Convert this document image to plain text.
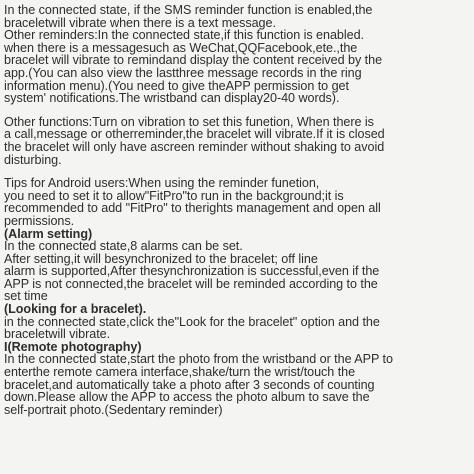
In the connected state, if the SMS reminder function is enabled,the
braceletwill vibrate when there is a text message.
Other reminders:In the connected state,if this function is enabled.
when there is a messagesuch as WeChat,QQFacebook,ete.,the
bracelet will vibrate to remindand display the content received by the
app.(You can also view the lastthree message records in the ring
information menu).(You need to give theAPP permission to get
system' notifications.The wristband can display20-40 words).
Other functions:Turn on vibration to set this funetion, When there is
a call,message or otherreminder,the bracelet will vibrate.If it is closed
the bracelet will only have ascreen reminder without shaking to avoid
disturbing.
Tips for Android users:When using the reminder funetion,
you need to set it to allow"FitPro"to run in the background;it is
recommended to add "FitPro" to therights management and open all
permissions.
(Alarm setting)
In the connected state,8 alarms can be set.
After setting,it will besynchronized to the bracelet; off line
alarm is supported,After thesynchronization is successful,even if the
APP is not connected,the bracelet will be reminded according to the
set time
(Looking for a bracelet).
in the connected state,click the"Look for the bracelet" option and the
braceletwill vibrate.
I(Remote photography)
In the connected state,start the photo from the wristband or the APP to
enterthe remote camera interface,shake/turn the wrist/touch the
bracelet,and automatically take a photo after 3 seconds of counting
down.Please allow the APP to access the photo album to save the
self-portrait photo.(Sedentary reminder)
